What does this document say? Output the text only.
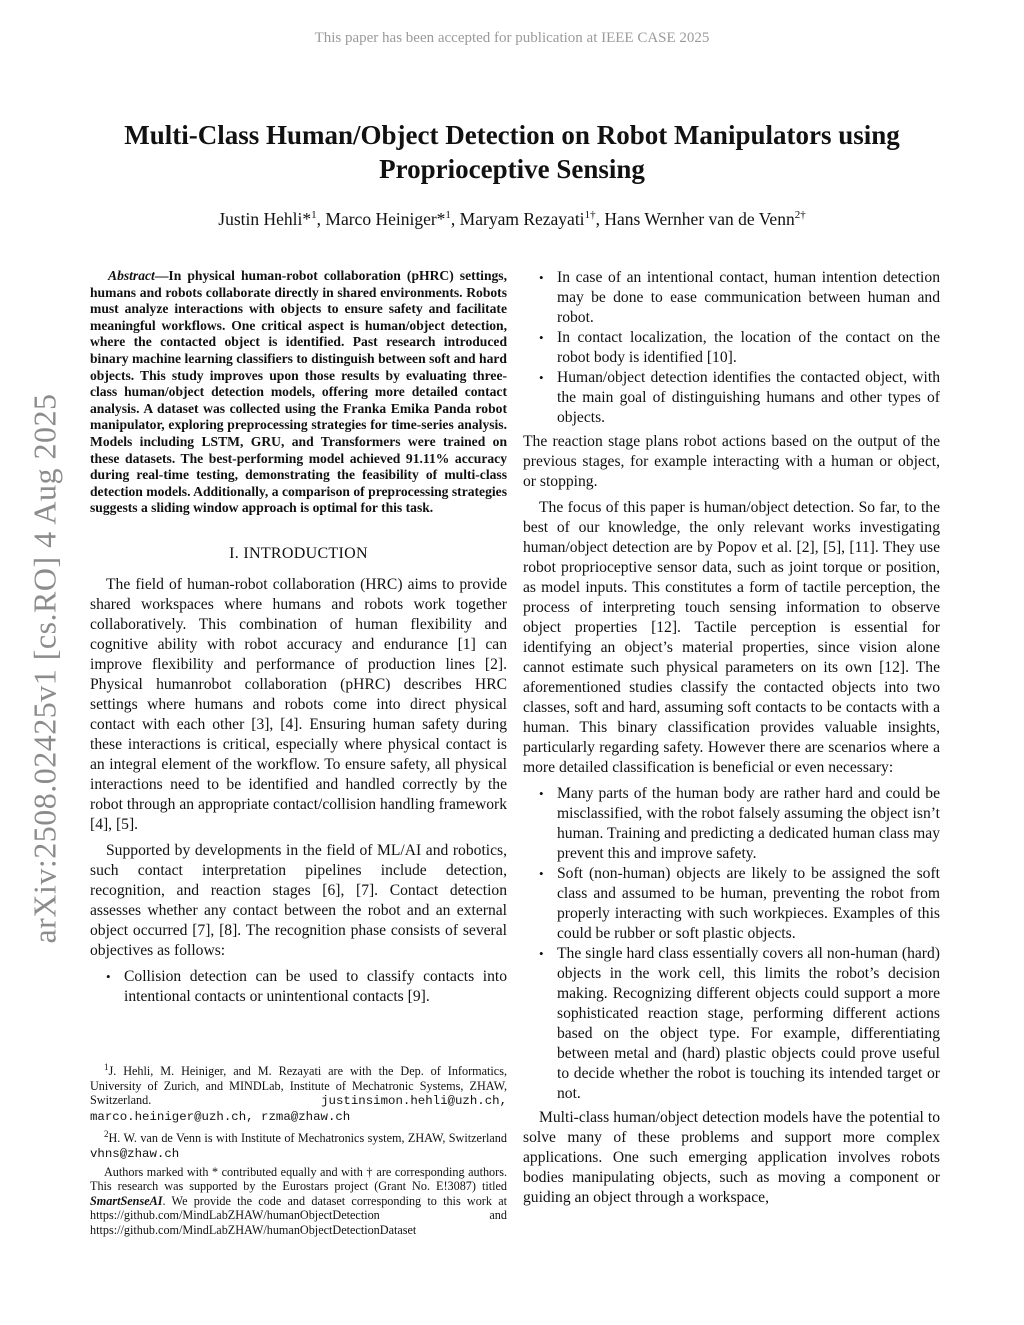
This paper has been accepted for publication at IEEE CASE 2025
arXiv:2508.02425v1 [cs.RO] 4 Aug 2025
Multi-Class Human/Object Detection on Robot Manipulators using
Proprioceptive Sensing
Justin Hehli*$^1$, Marco Heiniger*$^1$, Maryam Rezayati$^{1\dagger}$, Hans Wernher van de Venn$^{2\dagger}$

Abstract—In physical human-robot collaboration (pHRC) settings, humans and robots collaborate directly in shared environments. Robots must analyze interactions with objects to ensure safety and facilitate meaningful workflows. One critical aspect is human/object detection, where the contacted object is identified. Past research introduced binary machine learning classifiers to distinguish between soft and hard objects. This study improves upon those results by evaluating three-class human/object detection models, offering more detailed contact analysis. A dataset was collected using the Franka Emika Panda robot manipulator, exploring preprocessing strategies for time-series analysis. Models including LSTM, GRU, and Transformers were trained on these datasets. The best-performing model achieved 91.11% accuracy during real-time testing, demonstrating the feasibility of multi-class detection models. Additionally, a comparison of preprocessing strategies suggests a sliding window approach is optimal for this task.

I. INTRODUCTION

The field of human-robot collaboration (HRC) aims to provide shared workspaces where humans and robots work together collaboratively. This combination of human flexibility and cognitive ability with robot accuracy and endurance [1] can improve flexibility and performance of production lines [2]. Physical humanrobot collaboration (pHRC) describes HRC settings where humans and robots come into direct physical contact with each other [3], [4]. Ensuring human safety during these interactions is critical, especially where physical contact is an integral element of the workflow. To ensure safety, all physical interactions need to be identified and handled correctly by the robot through an appropriate contact/collision handling framework [4], [5].

Supported by developments in the field of ML/AI and robotics, such contact interpretation pipelines include detection, recognition, and reaction stages [6], [7]. Contact detection assesses whether any contact between the robot and an external object occurred [7], [8]. The recognition phase consists of several objectives as follows:

• Collision detection can be used to classify contacts into intentional contacts or unintentional contacts [9].

$^1$J. Hehli, M. Heiniger, and M. Rezayati are with the Dep. of Informatics, University of Zurich, and MINDLab, Institute of Mechatronic Systems, ZHAW, Switzerland.	justinsimon.hehli@uzh.ch, marco.heiniger@uzh.ch, rzma@zhaw.ch

$^2$H. W. van de Venn is with Institute of Mechatronics system, ZHAW, Switzerland vhns@zhaw.ch

Authors marked with * contributed equally and with † are corresponding authors. This research was supported by the Eurostars project (Grant No. E!3087) titled SmartSenseAI. We provide the code and dataset corresponding to this work at https://github.com/MindLabZHAW/humanObjectDetection and https://github.com/MindLabZHAW/humanObjectDetectionDataset

• In case of an intentional contact, human intention detection may be done to ease communication between human and robot.
• In contact localization, the location of the contact on the robot body is identified [10].
• Human/object detection identifies the contacted object, with the main goal of distinguishing humans and other types of objects.

The reaction stage plans robot actions based on the output of the previous stages, for example interacting with a human or object, or stopping.

The focus of this paper is human/object detection. So far, to the best of our knowledge, the only relevant works investigating human/object detection are by Popov et al. [2], [5], [11]. They use robot proprioceptive sensor data, such as joint torque or position, as model inputs. This constitutes a form of tactile perception, the process of interpreting touch sensing information to observe object properties [12]. Tactile perception is essential for identifying an object’s material properties, since vision alone cannot estimate such physical parameters on its own [12]. The aforementioned studies classify the contacted objects into two classes, soft and hard, assuming soft contacts to be contacts with a human. This binary classification provides valuable insights, particularly regarding safety. However there are scenarios where a more detailed classification is beneficial or even necessary:

• Many parts of the human body are rather hard and could be misclassified, with the robot falsely assuming the object isn’t human. Training and predicting a dedicated human class may prevent this and improve safety.
• Soft (non-human) objects are likely to be assigned the soft class and assumed to be human, preventing the robot from properly interacting with such workpieces. Examples of this could be rubber or soft plastic objects.
• The single hard class essentially covers all non-human (hard) objects in the work cell, this limits the robot’s decision making. Recognizing different objects could support a more sophisticated reaction stage, performing different actions based on the object type. For example, differentiating between metal and (hard) plastic objects could prove useful to decide whether the robot is touching its intended target or not.

Multi-class human/object detection models have the potential to solve many of these problems and support more complex applications. One such emerging application involves robots bodies manipulating objects, such as moving a component or guiding an object through a workspace,
